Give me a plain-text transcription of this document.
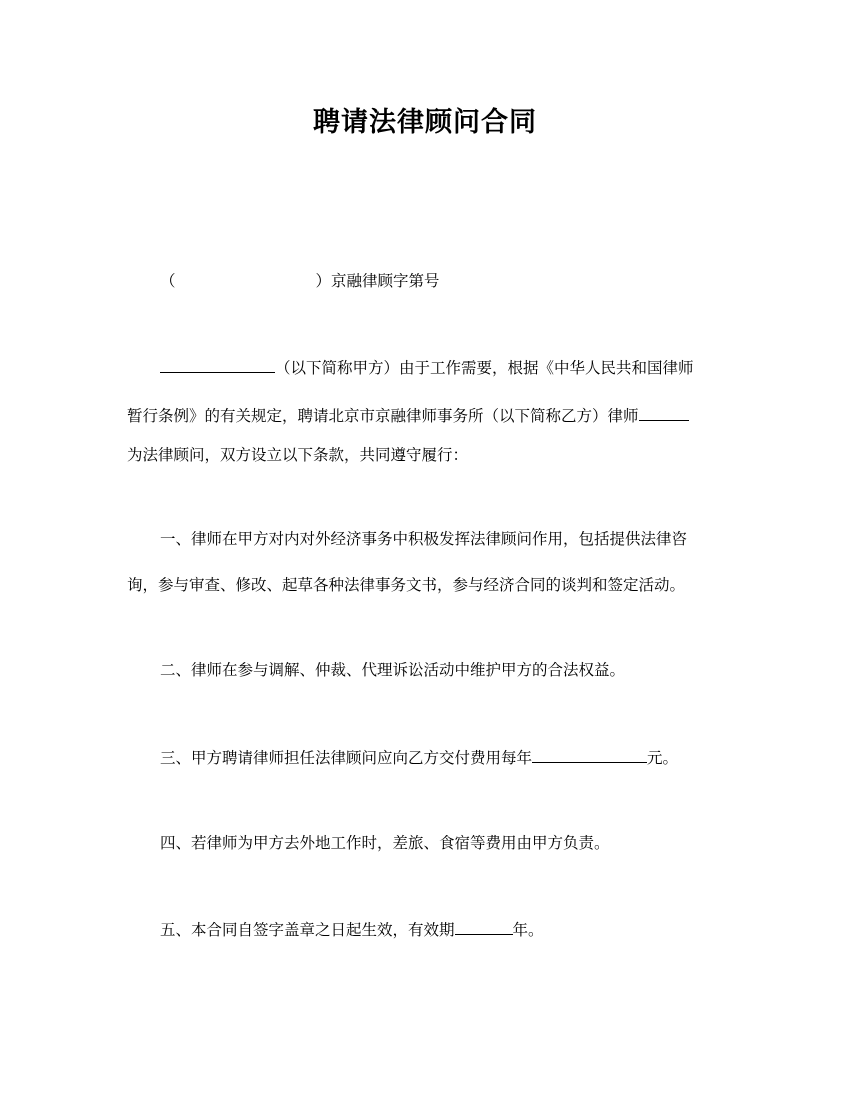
聘请法律顾问合同
（	）京融律顾字第号
（以下简称甲方）由于工作需要，根据《中华人民共和国律师
暂行条例》的有关规定，聘请北京市京融律师事务所（以下简称乙方）律师
为法律顾问，双方设立以下条款，共同遵守履行：
一、律师在甲方对内对外经济事务中积极发挥法律顾问作用，包括提供法律咨
询，参与审查、修改、起草各种法律事务文书，参与经济合同的谈判和签定活动。
二、律师在参与调解、仲裁、代理诉讼活动中维护甲方的合法权益。
三、甲方聘请律师担任法律顾问应向乙方交付费用每年	元。
四、若律师为甲方去外地工作时，差旅、食宿等费用由甲方负责。
五、本合同自签字盖章之日起生效，有效期	年。
